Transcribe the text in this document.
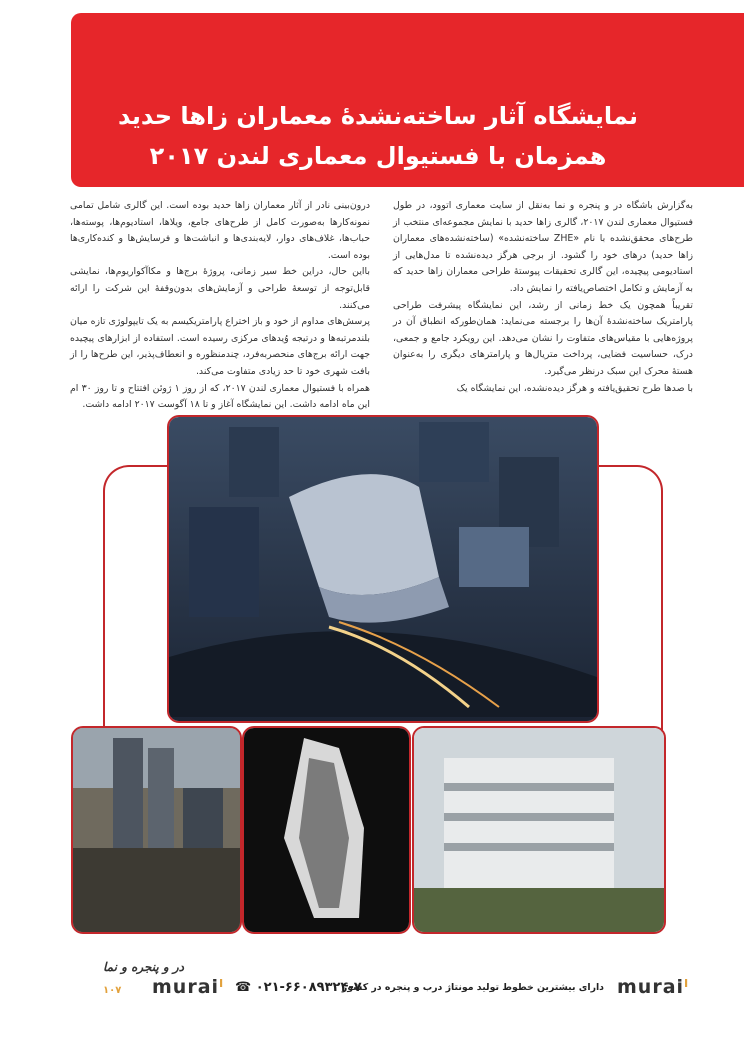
نمایشگاه آثار ساخته‌نشدهٔ معماران زاها حدید همزمان با فستیوال معماری لندن ۲۰۱۷

به‌گزارش باشگاه در و پنجره و نما به‌نقل از سایت معماری اتوود، در طول فستیوال معماری لندن ۲۰۱۷، گالری زاها حدید با نمایش مجموعه‌ای منتخب از طرح‌های محقق‌نشده با نام «ZHE ساخته‌نشده» (ساخته‌نشده‌های معماران زاها حدید) درهای خود را گشود. از برجی هرگز دیده‌نشده تا مدل‌هایی از استادیومی پیچیده، این گالری تحقیقات پیوستهٔ طراحی معماران زاها حدید که به آزمایش و تکامل اختصاص‌یافته را نمایش داد.

تقریباً همچون یک خط زمانی از رشد، این نمایشگاه پیشرفت طراحی پارامتریک ساخته‌نشدهٔ آن‌ها را برجسته می‌نماید: همان‌طورکه انطباق آن در پروژه‌هایی با مقیاس‌های متفاوت را نشان می‌دهد. این رویکرد جامع و جمعی، درک، حساسیت فضایی، پرداخت متریال‌ها و پارامترهای دیگری را به‌عنوان هستهٔ محرک این سبک درنظر می‌گیرد.

با صدها طرح تحقیق‌یافته و هرگز دیده‌نشده، این نمایشگاه یک

درون‌بینی نادر از آثار معماران زاها حدید بوده است. این گالری شامل تمامی نمونه‌کارها به‌صورت کامل از طرح‌های جامع، ویلاها، استادیوم‌ها، پوسته‌ها، حباب‌ها، غلاف‌های دوار، لایه‌بندی‌ها و انباشت‌ها و فرسایش‌ها و کنده‌کاری‌ها بوده است.

بااین حال، دراین خط سیر زمانی، پروژهٔ برج‌ها و مکاآکواریوم‌ها، نمایشی قابل‌توجه از توسعهٔ طراحی و آزمایش‌های بدون‌وقفهٔ این شرکت را ارائه می‌کنند.

پرسش‌های مداوم از خود و باز اختراع پارامتریکیسم به یک تایپولوژی تازه میان بلندمرتبه‌ها و درتیجه وُیدهای مرکزی رسیده است. استفاده از ابزارهای پیچیده جهت ارائه برج‌های منحصربه‌فرد، چندمنظوره و انعطاف‌پذیر، این طرح‌ها را از بافت شهری خود تا حد زیادی متفاوت می‌کند.

همراه با فستیوال معماری لندن ۲۰۱۷، که از روز ۱ ژوئن افتتاح و تا روز ۳۰ ام این ماه ادامه داشت. این نمایشگاه آغاز و تا ۱۸ آگوست ۲۰۱۷ ادامه داشت.

muraiˡ
دارای بیشترین خطوط تولید مونتاژ درب و پنجره در کشور
☎ ۰۲۱-۶۶۰۸۹۳۲۴-۷
muraiˡ
در و پنجره و نما
۱۰۷
